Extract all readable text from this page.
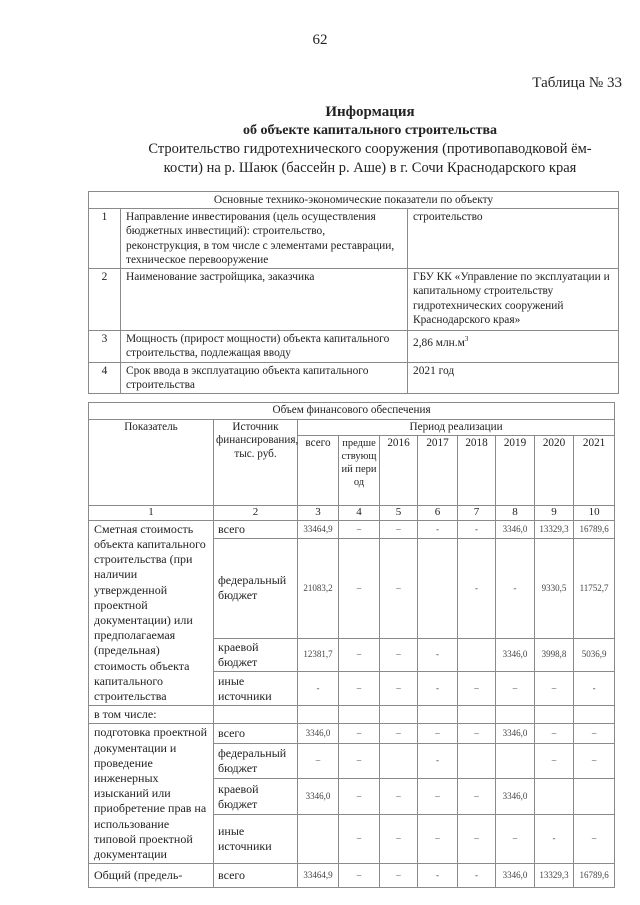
62
Таблица № 33
Информация
об объекте капитального строительства
Строительство гидротехнического сооружения (противопаводковой ём-
кости) на р. Шаюк (бассейн р. Аше) в г. Сочи Краснодарского края
Основные технико-экономические показатели по объекту		
1	Направление инвестирования (цель осуществления бюджетных инвестиций): строительство, реконструкция, в том числе с элементами реставрации, техническое перевооружение	строительство
2	Наименование застройщика, заказчика	ГБУ КК «Управление по эксплуатации и капитальному строительству гидротехнических сооружений Краснодарского края»
3	Мощность (прирост мощности) объекта капитального строительства, подлежащая вводу	2,86 $млн.м^3$
4	Срок ввода в эксплуатацию объекта капитального строительства	2021 год
Объем финансового обеспечения									
Показатель	Источник финансирования, тыс. руб.	Период реализации							
		всего	предшествующий период	2016	2017	2018	2019	2020	2021
1	2	3	4	5	6	7	8	9	10
Сметная стоимость объекта капитального строительства (при наличии утвержденной проектной документации) или предполагаемая (предельная) стоимость объекта капитального строительства	всего	33464,9	–	–	-	-	3346,0	13329,3	16789,6
	федеральный бюджет	21083,2	–	–		-	-	9330,5	11752,7
	краевой бюджет	12381,7	–	–	-		3346,0	3998,8	5036,9
	иные источники	-	–	–	-	–	–	–	-
в том числе:									
подготовка проектной документации и проведение инженерных изысканий или приобретение прав на использование типовой проектной документации	всего	3346,0	–	–	–	–	3346,0	–	–
	федеральный бюджет	–	–		-			–	–
	краевой бюджет	3346,0	–	–	–	–	3346,0		
	иные источники		–	–	–	–	–	-	–
Общий (предель-	всего	33464,9	–	–	-	-	3346,0	13329,3	16789,6
